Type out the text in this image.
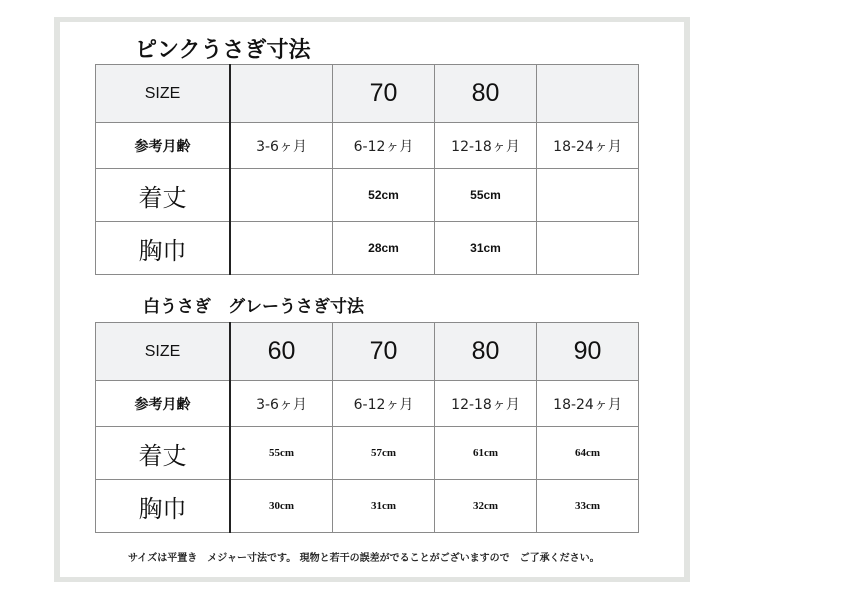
ピンクうさぎ寸法
SIZE		70	80	
参考月齢	3-6ヶ月	6-12ヶ月	12-18ヶ月	18-24ヶ月
着丈		52cm	55cm	
胸巾		28cm	31cm	
白うさぎ　グレーうさぎ寸法
SIZE	60	70	80	90
参考月齢	3-6ヶ月	6-12ヶ月	12-18ヶ月	18-24ヶ月
着丈	55cm	57cm	61cm	64cm
胸巾	30cm	31cm	32cm	33cm
サイズは平置き　メジャー寸法です。 現物と若干の誤差がでることがございますので　ご了承ください。
